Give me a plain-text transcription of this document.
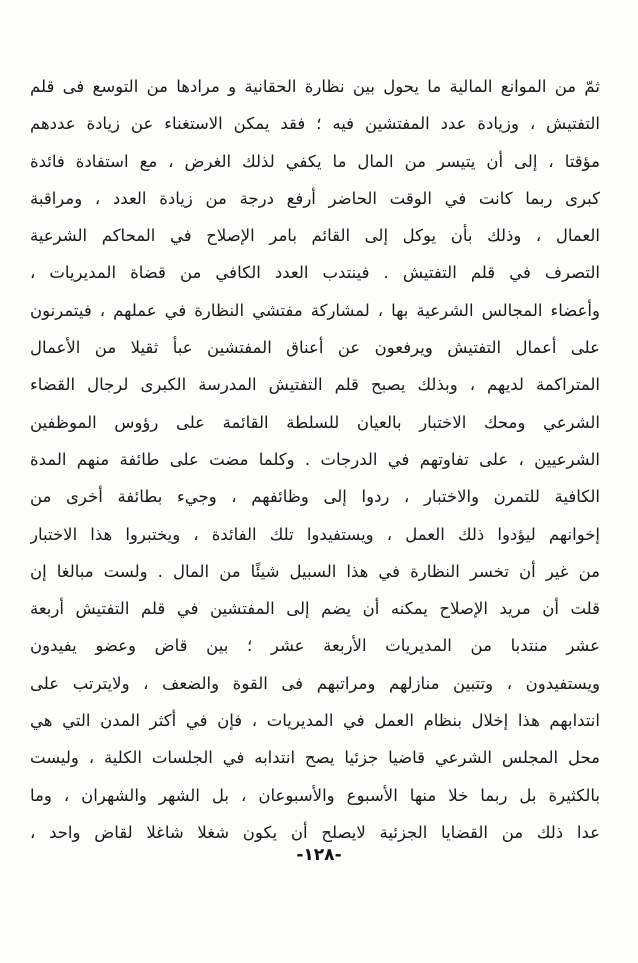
ثمّ من الموانع المالية ما يحول بين نظارة الحقانية و مرادها من التوسع فى قلم
التفتيش ، وزيادة عدد المفتشين فيه ؛ فقد يمكن الاستغناء عن زيادة عددهم
مؤقتا ، إلى أن يتيسر من المال ما يكفي لذلك الغرض ، مع استفادة فائدة
كبرى ربما كانت في الوقت الحاضر أرفع درجة من زيادة العدد ، ومراقبة
العمال ، وذلك بأن يوكل إلى القائم بامر الإصلاح في المحاكم الشرعية
التصرف في قلم التفتيش . فينتدب العدد الكافي من قضاة المديريات ،
وأعضاء المجالس الشرعية بها ، لمشاركة مفتشي النظارة في عملهم ، فيتمرنون
على أعمال التفتيش ويرفعون عن أعناق المفتشين عبأ ثقيلا من الأعمال
المتراكمة لديهم ، وبذلك يصبح قلم التفتيش المدرسة الكبرى لرجال القضاء
الشرعي ومحك الاختبار بالعيان للسلطة القائمة على رؤوس الموظفين
الشرعيين ، على تفاوتهم في الدرجات . وكلما مضت على طائفة منهم المدة
الكافية للتمرن والاختبار ، ردوا إلى وظائفهم ، وجيء بطائفة أخرى من
إخوانهم ليؤدوا ذلك العمل ، ويستفيدوا تلك الفائدة ، ويختبروا هذا الاختبار
من غير أن تخسر النظارة في هذا السبيل شيئًا من المال . ولست مبالغا إن
قلت أن مريد الإصلاح يمكنه أن يضم إلى المفتشين في قلم التفتيش أربعة
عشر منتدبا من المديريات الأربعة عشر ؛ بين قاض وعضو يفيدون
ويستفيدون ، وتتبين منازلهم ومراتبهم فى القوة والضعف ، ولايترتب على
انتدابهم هذا إخلال بنظام العمل في المديريات ، فإن في أكثر المدن التي هي
محل المجلس الشرعي قاضيا جزئيا يصح انتدابه في الجلسات الكلية ، وليست
بالكثيرة بل ربما خلا منها الأسبوع والأسبوعان ، بل الشهر والشهران ، وما
عدا ذلك من القضايا الجزئية لايصلح أن يكون شغلا شاغلا لقاض واحد ،
-١٢٨-
